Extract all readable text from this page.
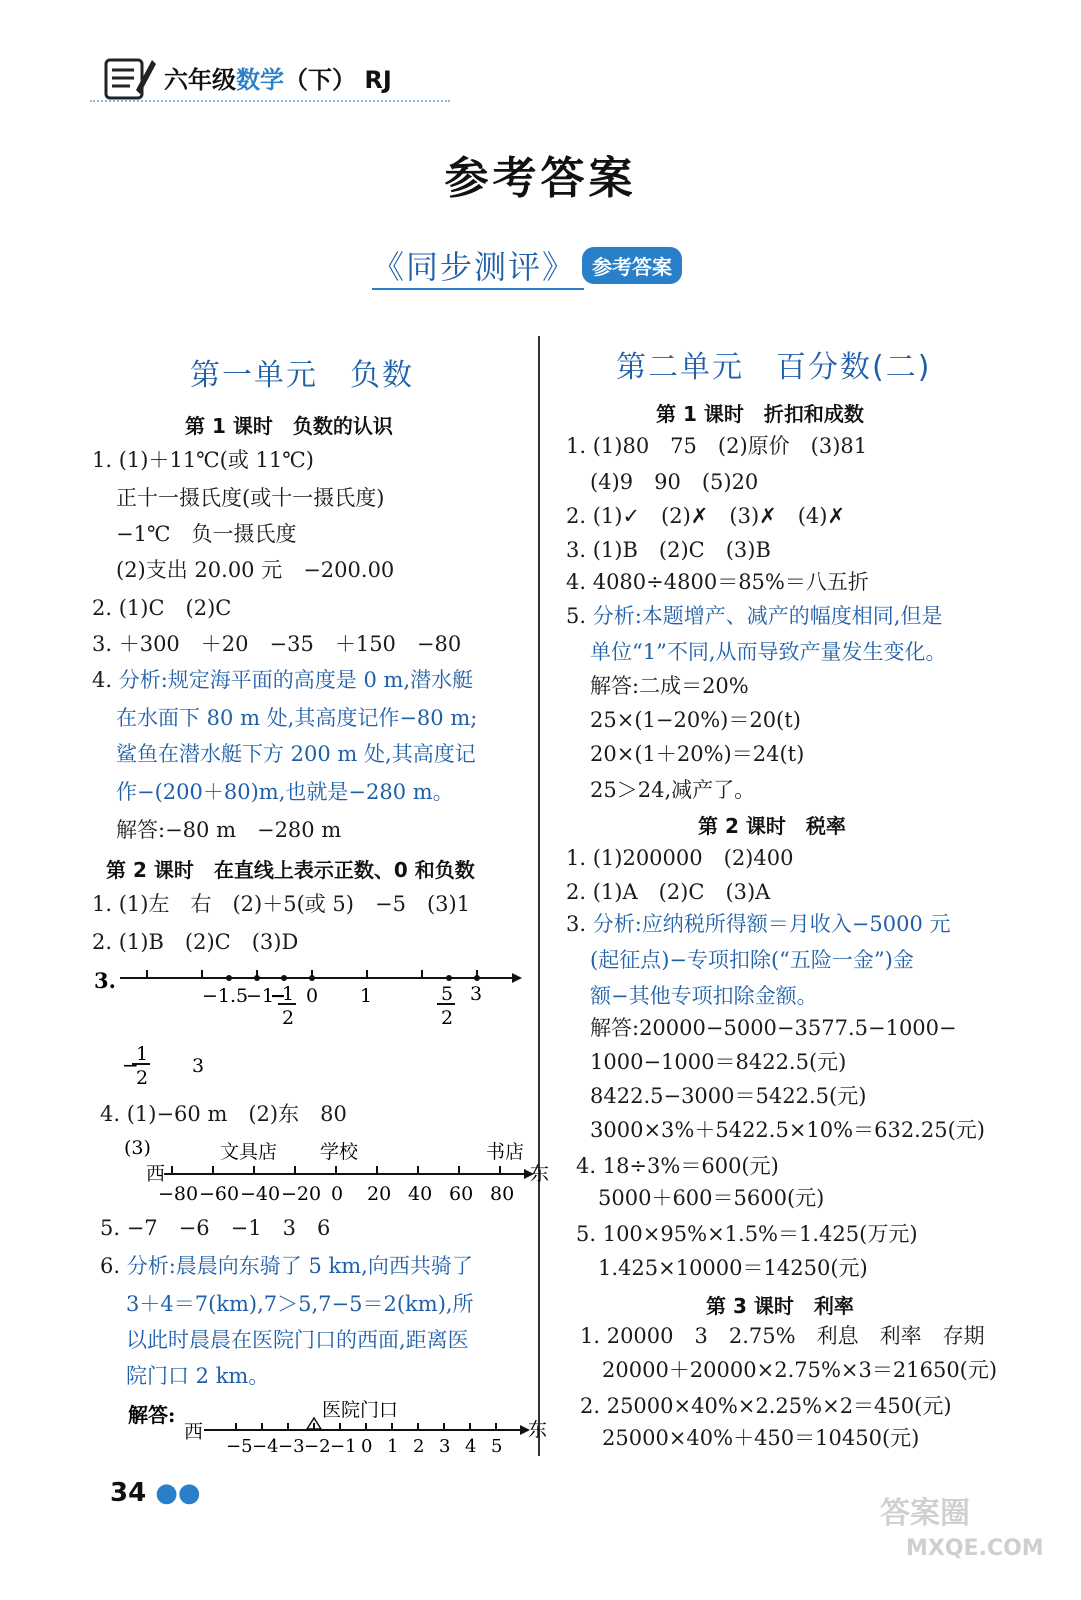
六年级数学（下） RJ
参考答案
《同步测评》 参考答案
第一单元　负数
第 1 课时　负数的认识
1. (1)＋11℃(或 11℃)
正十一摄氏度(或十一摄氏度)
−1℃　负一摄氏度
(2)支出 20.00 元　−200.00
2. (1)C　(2)C
3. ＋300　＋20　−35　＋150　−80
4. 分析:规定海平面的高度是 0 m,潜水艇
在水面下 80 m 处,其高度记作−80 m;
鲨鱼在潜水艇下方 200 m 处,其高度记
作−(200＋80)m,也就是−280 m。
解答:−80 m　−280 m
第 2 课时　在直线上表示正数、0 和负数
1. (1)左　右　(2)＋5(或 5)　−5　(3)1
2. (1)B　(2)C　(3)D
3.
−1.5
−1
−
1
2
0 1	5
2
3
−
1
2
3
4. (1)−60 m　(2)东　80
(3)	文具店 学校	书店
西	东
−80 −60 −40 −20 0 20 40 60 80
5. −7　−6　−1　3　6
6. 分析:晨晨向东骑了 5 km,向西共骑了
3＋4＝7(km),7＞5,7−5＝2(km),所
以此时晨晨在医院门口的西面,距离医
院门口 2 km。
解答:	医院门口
西	东
−5 −4 −3 −2 −1 0 1 2 3 4 5
第二单元　百分数(二)
第 1 课时　折扣和成数
1. (1)80　75　(2)原价　(3)81
(4)9　90　(5)20
2. (1)✓　(2)✗　(3)✗　(4)✗
3. (1)B　(2)C　(3)B
4. 4080÷4800＝85%＝八五折
5. 分析:本题增产、减产的幅度相同,但是
单位“1”不同,从而导致产量发生变化。
解答:二成＝20%
25×(1−20%)＝20(t)
20×(1＋20%)＝24(t)
25＞24,减产了。
第 2 课时　税率
1. (1)200000　(2)400
2. (1)A　(2)C　(3)A
3. 分析:应纳税所得额＝月收入−5000 元
(起征点)−专项扣除(“五险一金”)金
额−其他专项扣除金额。
解答:20000−5000−3577.5−1000−
1000−1000＝8422.5(元)
8422.5−3000＝5422.5(元)
3000×3%＋5422.5×10%＝632.25(元)
4. 18÷3%＝600(元)
5000＋600＝5600(元)
5. 100×95%×1.5%＝1.425(万元)
1.425×10000＝14250(元)
第 3 课时　利率
1. 20000　3　2.75%　利息　利率　存期
20000＋20000×2.75%×3＝21650(元)
2. 25000×40%×2.25%×2＝450(元)
25000×40%＋450＝10450(元)
34 ●●
答案圈
MXQE.COM
